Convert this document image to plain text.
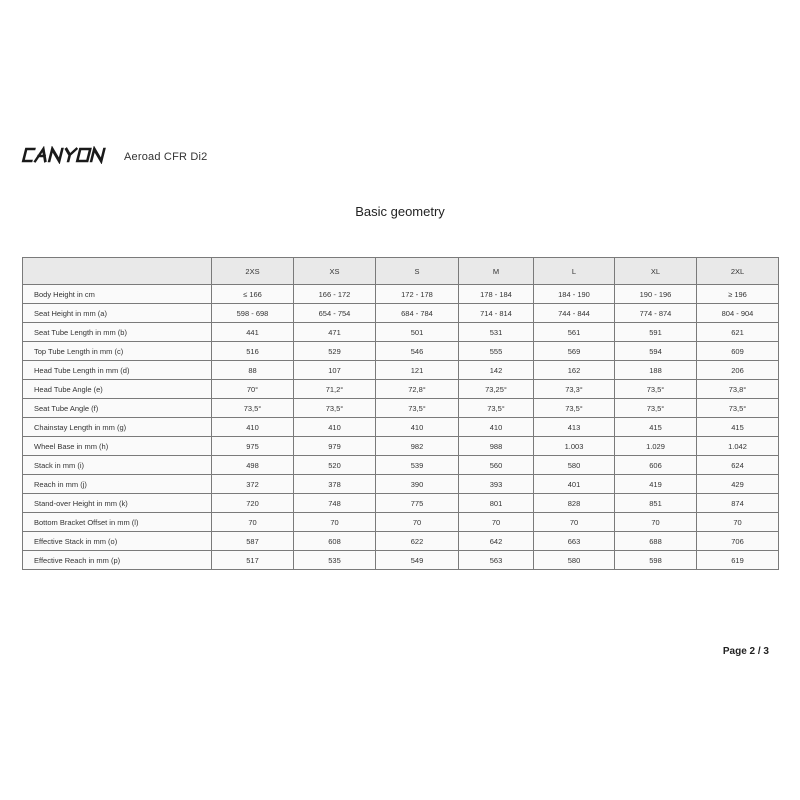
CANYON
Aeroad CFR Di2
Basic geometry
	2XS	XS	S	M	L	XL	2XL
Body Height in cm	≤ 166	166 - 172	172 - 178	178 - 184	184 - 190	190 - 196	≥ 196
Seat Height in mm (a)	598 - 698	654 - 754	684 - 784	714 - 814	744 - 844	774 - 874	804 - 904
Seat Tube Length in mm (b)	441	471	501	531	561	591	621
Top Tube Length in mm (c)	516	529	546	555	569	594	609
Head Tube Length in mm (d)	88	107	121	142	162	188	206
Head Tube Angle (e)	70°	71,2°	72,8°	73,25°	73,3°	73,5°	73,8°
Seat Tube Angle (f)	73,5°	73,5°	73,5°	73,5°	73,5°	73,5°	73,5°
Chainstay Length in mm (g)	410	410	410	410	413	415	415
Wheel Base in mm (h)	975	979	982	988	1.003	1.029	1.042
Stack in mm (i)	498	520	539	560	580	606	624
Reach in mm (j)	372	378	390	393	401	419	429
Stand-over Height in mm (k)	720	748	775	801	828	851	874
Bottom Bracket Offset in mm (l)	70	70	70	70	70	70	70
Effective Stack in mm (o)	587	608	622	642	663	688	706
Effective Reach in mm (p)	517	535	549	563	580	598	619
Page 2 / 3
